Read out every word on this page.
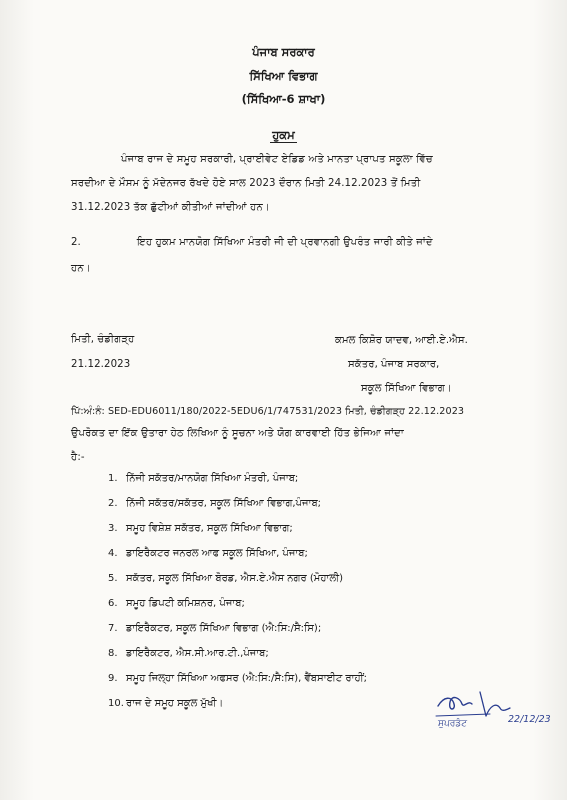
ਪੰਜਾਬ ਸਰਕਾਰ
ਸਿੱਖਿਆ ਵਿਭਾਗ
(ਸਿੱਖਿਆ-6 ਸ਼ਾਖਾ)
ਹੁਕਮ
ਪੰਜਾਬ ਰਾਜ ਦੇ ਸਮੂਹ ਸਰਕਾਰੀ, ਪ੍ਰਾਈਵੇਟ ਏਡਿਡ ਅਤੇ ਮਾਨਤਾ ਪ੍ਰਾਪਤ ਸਕੂਲਾ ਵਿੱਚ
ਸਰਦੀਆ ਦੇ ਮੌਸਮ ਨੂੰ ਮੱਦੇਨਜਰ ਰੱਖਦੇ ਹੋਏ ਸਾਲ 2023 ਦੌਰਾਨ ਮਿਤੀ 24.12.2023 ਤੋਂ ਮਿਤੀ
31.12.2023 ਤੱਕ ਛੁੱਟੀਆਂ ਕੀਤੀਆਂ ਜਾਂਦੀਆਂ ਹਨ।
2.	ਇਹ ਹੁਕਮ ਮਾਨਯੋਗ ਸਿੱਖਿਆ ਮੰਤਰੀ ਜੀ ਦੀ ਪ੍ਰਵਾਨਗੀ ਉਪਰੰਤ ਜਾਰੀ ਕੀਤੇ ਜਾਂਦੇ
ਹਨ।
ਮਿਤੀ, ਚੰਡੀਗੜ੍ਹ
21.12.2023
ਕਮਲ ਕਿਸ਼ੋਰ ਯਾਦਵ, ਆਈ.ਏ.ਐਸ.
ਸਕੱਤਰ, ਪੰਜਾਬ ਸਰਕਾਰ,
ਸਕੂਲ ਸਿੱਖਿਆ ਵਿਭਾਗ।
ਪਿੱ:ਅੰ:ਨੰ: SED-EDU6011/180/2022-5EDU6/1/747531/2023 ਮਿਤੀ, ਚੰਡੀਗੜ੍ਹ 22.12.2023
ਉਪਰੋਕਤ ਦਾ ਇੱਕ ਉਤਾਰਾ ਹੇਠ ਲਿਖਿਆ ਨੂੰ ਸੂਚਨਾ ਅਤੇ ਯੋਗ ਕਾਰਵਾਈ ਹਿੱਤ ਭੇਜਿਆ ਜਾਂਦਾ
ਹੈ:-
1. ਨਿੱਜੀ ਸਕੱਤਰ/ਮਾਨਯੋਗ ਸਿੱਖਿਆ ਮੰਤਰੀ, ਪੰਜਾਬ;
2. ਨਿੱਜੀ ਸਕੱਤਰ/ਸਕੱਤਰ, ਸਕੂਲ ਸਿੱਖਿਆ ਵਿਭਾਗ,ਪੰਜਾਬ;
3. ਸਮੂਹ ਵਿਸ਼ੇਸ਼ ਸਕੱਤਰ, ਸਕੂਲ ਸਿੱਖਿਆ ਵਿਭਾਗ;
4. ਡਾਇਰੈਕਟਰ ਜਨਰਲ ਆਫ ਸਕੂਲ ਸਿੱਖਿਆ, ਪੰਜਾਬ;
5. ਸਕੱਤਰ, ਸਕੂਲ ਸਿੱਖਿਆ ਬੋਰਡ, ਐਸ.ਏ.ਐਸ ਨਗਰ (ਮੋਹਾਲੀ)
6. ਸਮੂਹ ਡਿਪਟੀ ਕਮਿਸ਼ਨਰ, ਪੰਜਾਬ;
7. ਡਾਇਰੈਕਟਰ, ਸਕੂਲ ਸਿੱਖਿਆ ਵਿਭਾਗ (ਐ:ਸਿ:/ਸੈ:ਸਿ);
8. ਡਾਇਰੈਕਟਰ, ਐਸ.ਸੀ.ਆਰ.ਟੀ.,ਪੰਜਾਬ;
9. ਸਮੂਹ ਜਿਲ੍ਹਾ ਸਿੱਖਿਆ ਅਫਸਰ (ਐ:ਸਿ:/ਸੈ:ਸਿ), ਵੈਂਬਸਾਈਟ ਰਾਹੀਂ;
10. ਰਾਜ ਦੇ ਸਮੂਹ ਸਕੂਲ ਮੁੱਖੀ।
ਸੁਪਰਡੰਟ	22/12/23
